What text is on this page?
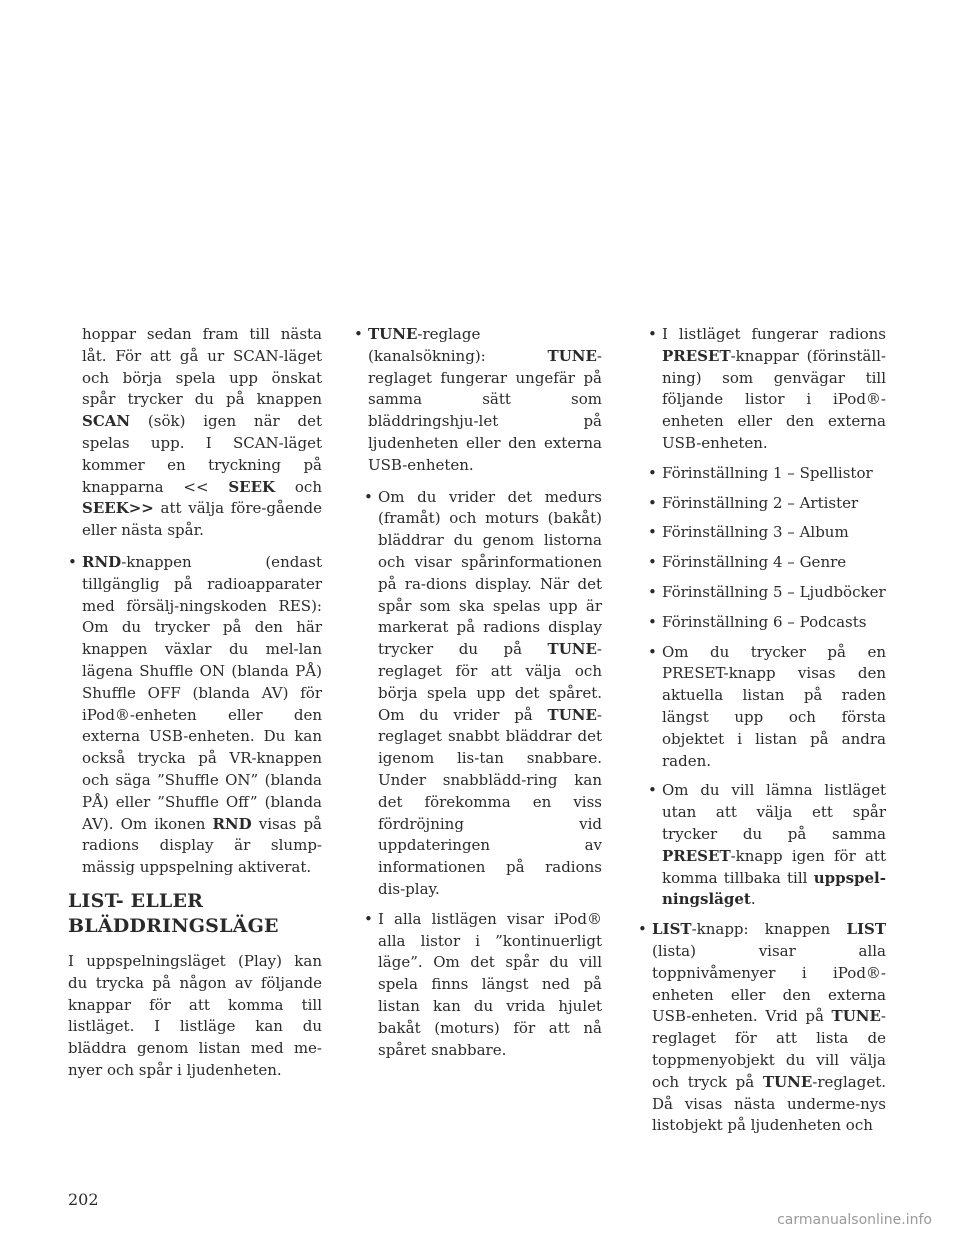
hoppar sedan fram till nästa låt. För att gå ur SCAN-läget och börja spela upp önskat spår trycker du på knappen SCAN (sök) igen när det spelas upp. I SCAN-läget kommer en tryckning på knapparna << SEEK och SEEK>> att välja före-gående eller nästa spår.

• RND-knappen (endast tillgänglig på radioapparater med försälj-ningskoden RES): Om du trycker på den här knappen växlar du mel-lan lägena Shuffle ON (blanda PÅ) Shuffle OFF (blanda AV) för iPod®-enheten eller den externa USB-enheten. Du kan också trycka på VR-knappen och säga ”Shuffle ON” (blanda PÅ) eller ”Shuffle Off” (blanda AV). Om ikonen RND visas på radions display är slump-mässig uppspelning aktiverat.

LIST- ELLER
BLÄDDRINGSLÄGE

I uppspelningsläget (Play) kan du trycka på någon av följande knappar för att komma till listläget. I listläge kan du bläddra genom listan med me-nyer och spår i ljudenheten.

• TUNE-reglage (kanalsökning): TUNE-reglaget fungerar ungefär på samma sätt som bläddringshju-let på ljudenheten eller den externa USB-enheten.

• Om du vrider det medurs (framåt) och moturs (bakåt) bläddrar du genom listorna och visar spårinformationen på ra-dions display. När det spår som ska spelas upp är markerat på radions display trycker du på TUNE-reglaget för att välja och börja spela upp det spåret. Om du vrider på TUNE-reglaget snabbt bläddrar det igenom lis-tan snabbare. Under snabblädd-ring kan det förekomma en viss fördröjning vid uppdateringen av informationen på radions dis-play.

• I alla listlägen visar iPod® alla listor i ”kontinuerligt läge”. Om det spår du vill spela finns längst ned på listan kan du vrida hjulet bakåt (moturs) för att nå spåret snabbare.

• I listläget fungerar radions PRESET-knappar (förinställ-ning) som genvägar till följande listor i iPod®-enheten eller den externa USB-enheten.

• Förinställning 1 – Spellistor

• Förinställning 2 – Artister

• Förinställning 3 – Album

• Förinställning 4 – Genre

• Förinställning 5 – Ljudböcker

• Förinställning 6 – Podcasts

• Om du trycker på en PRESET-knapp visas den aktuella listan på raden längst upp och första objektet i listan på andra raden.

• Om du vill lämna listläget utan att välja ett spår trycker du på samma PRESET-knapp igen för att komma tillbaka till uppspel-ningsläget.

• LIST-knapp: knappen LIST (lista) visar alla toppnivåmenyer i iPod®-enheten eller den externa USB-enheten. Vrid på TUNE-reglaget för att lista de toppmenyobjekt du vill välja och tryck på TUNE-reglaget. Då visas nästa underme-nys listobjekt på ljudenheten och

202
carmanualsonline.info
